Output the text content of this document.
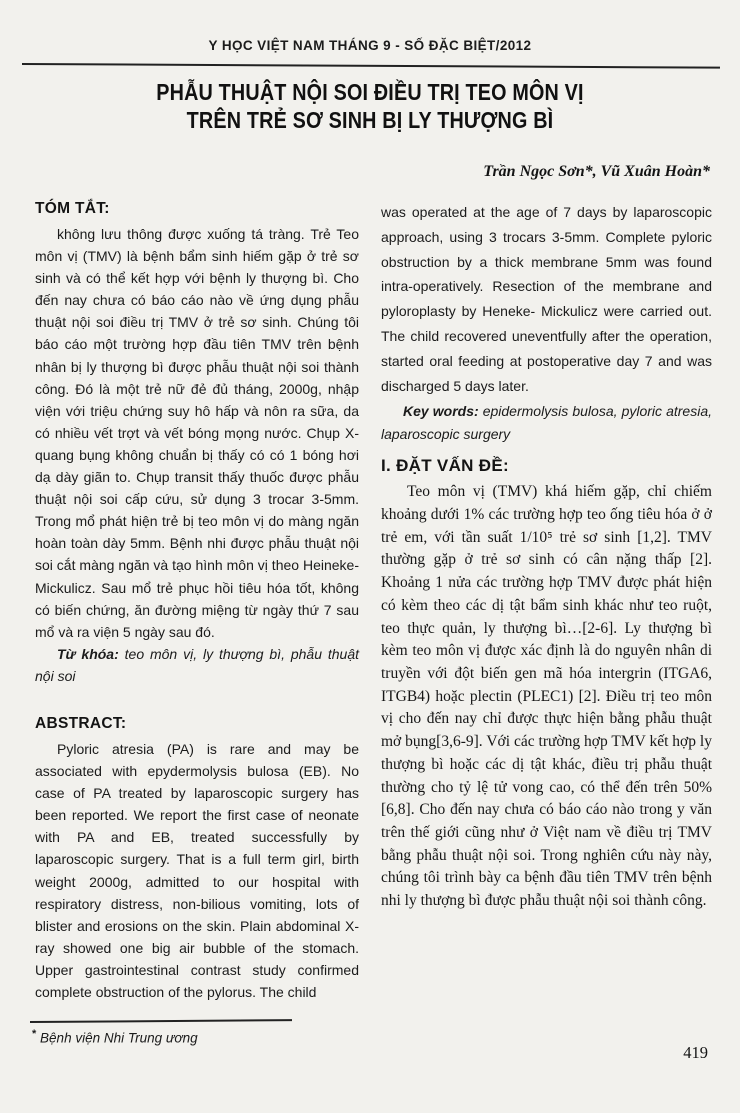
Y HỌC VIỆT NAM THÁNG 9 - SỐ ĐẶC BIỆT/2012
PHẪU THUẬT NỘI SOI ĐIỀU TRỊ TEO MÔN VỊ
TRÊN TRẺ SƠ SINH BỊ LY THƯỢNG BÌ
Trần Ngọc Sơn*, Vũ Xuân Hoàn*
TÓM TẮT:

không lưu thông được xuống tá tràng. Trẻ Teo môn vị (TMV) là bệnh bẩm sinh hiếm gặp ở trẻ sơ sinh và có thể kết hợp với bệnh ly thượng bì. Cho đến nay chưa có báo cáo nào về ứng dụng phẫu thuật nội soi điều trị TMV ở trẻ sơ sinh. Chúng tôi báo cáo một trường hợp đầu tiên TMV trên bệnh nhân bị ly thượng bì được phẫu thuật nội soi thành công. Đó là một trẻ nữ đẻ đủ tháng, 2000g, nhập viện với triệu chứng suy hô hấp và nôn ra sữa, da có nhiều vết trợt và vết bóng mọng nước. Chụp X-quang bụng không chuẩn bị thấy có có 1 bóng hơi dạ dày giãn to. Chụp transit thấy thuốc được phẫu thuật nội soi cấp cứu, sử dụng 3 trocar 3-5mm. Trong mổ phát hiện trẻ bị teo môn vị do màng ngăn hoàn toàn dày 5mm. Bệnh nhi được phẫu thuật nội soi cắt màng ngăn và tạo hình môn vị theo Heineke-Mickulicz. Sau mổ trẻ phục hồi tiêu hóa tốt, không có biến chứng, ăn đường miệng từ ngày thứ 7 sau mổ và ra viện 5 ngày sau đó.

Từ khóa: teo môn vị, ly thượng bì, phẫu thuật nội soi

ABSTRACT:

Pyloric atresia (PA) is rare and may be associated with epydermolysis bulosa (EB). No case of PA treated by laparoscopic surgery has been reported. We report the first case of neonate with PA and EB, treated successfully by laparoscopic surgery. That is a full term girl, birth weight 2000g, admitted to our hospital with respiratory distress, non-bilious vomiting, lots of blister and erosions on the skin. Plain abdominal X-ray showed one big air bubble of the stomach. Upper gastrointestinal contrast study confirmed complete obstruction of the pylorus. The child

was operated at the age of 7 days by laparoscopic approach, using 3 trocars 3-5mm. Complete pyloric obstruction by a thick membrane 5mm was found intra-operatively. Resection of the membrane and pyloroplasty by Heneke- Mickulicz were carried out. The child recovered uneventfully after the operation, started oral feeding at postoperative day 7 and was discharged 5 days later.

Key words: epidermolysis bulosa, pyloric atresia, laparoscopic surgery

I. ĐẶT VẤN ĐỀ:

Teo môn vị (TMV) khá hiếm gặp, chỉ chiếm khoảng dưới 1% các trường hợp teo ống tiêu hóa ở ở trẻ em, với tần suất 1/10⁵ trẻ sơ sinh [1,2]. TMV thường gặp ở trẻ sơ sinh có cân nặng thấp [2]. Khoảng 1 nửa các trường hợp TMV được phát hiện có kèm theo các dị tật bẩm sinh khác như teo ruột, teo thực quản, ly thượng bì…[2-6]. Ly thượng bì kèm teo môn vị được xác định là do nguyên nhân di truyền với đột biến gen mã hóa intergrin (ITGA6, ITGB4) hoặc plectin (PLEC1) [2]. Điều trị teo môn vị cho đến nay chỉ được thực hiện bằng phẫu thuật mở bụng[3,6-9]. Với các trường hợp TMV kết hợp ly thượng bì hoặc các dị tật khác, điều trị phẫu thuật thường cho tỷ lệ tử vong cao, có thể đến trên 50% [6,8]. Cho đến nay chưa có báo cáo nào trong y văn trên thế giới cũng như ở Việt nam về điều trị TMV bằng phẫu thuật nội soi. Trong nghiên cứu này này, chúng tôi trình bày ca bệnh đầu tiên TMV trên bệnh nhi ly thượng bì được phẫu thuật nội soi thành công.

* Bệnh viện Nhi Trung ương
419
